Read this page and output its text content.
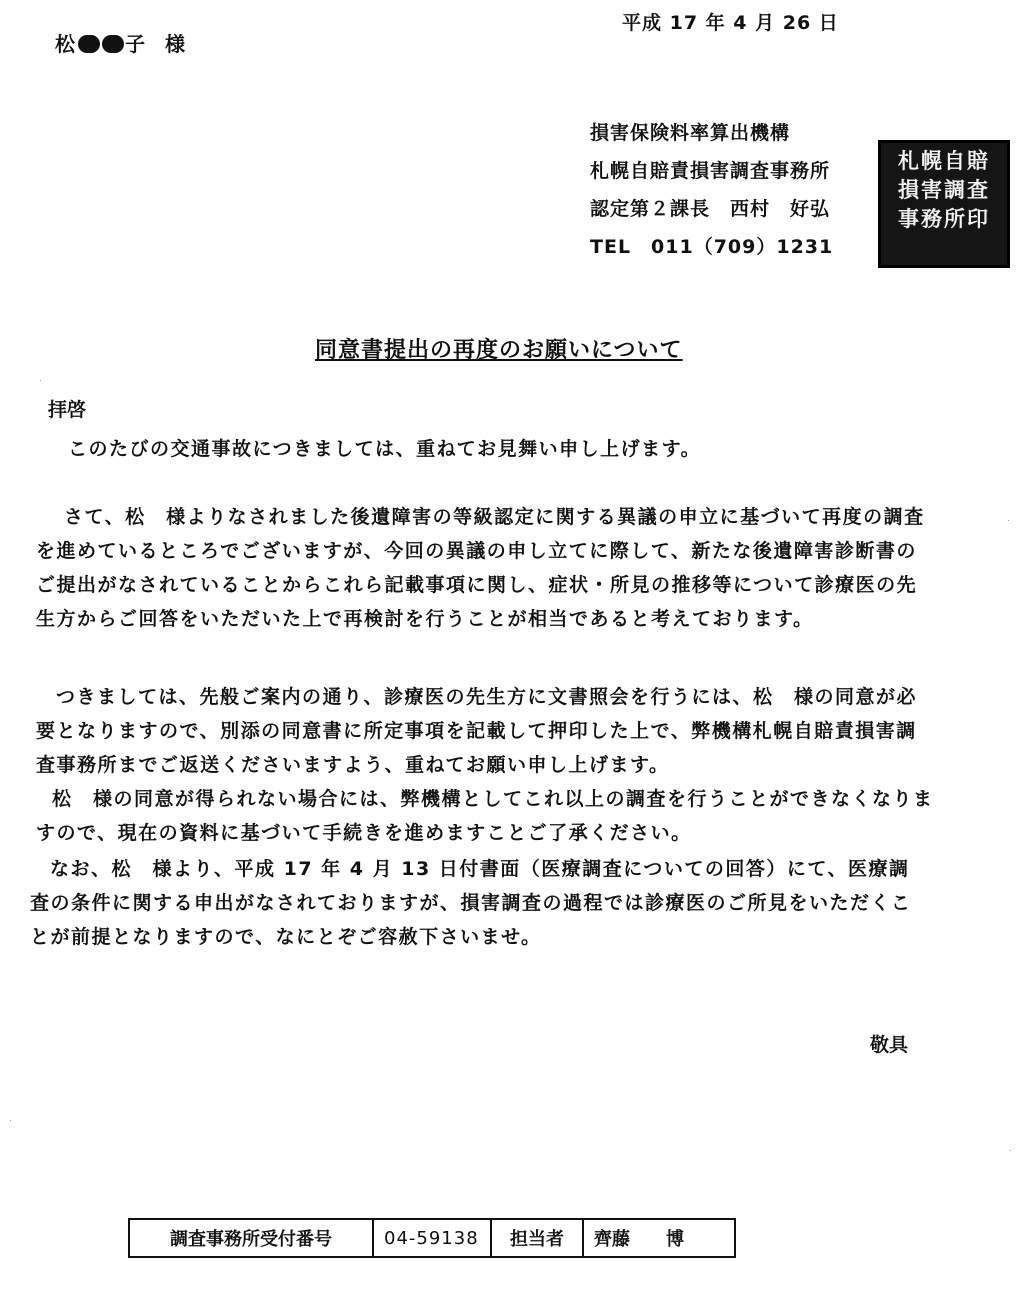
松 子 様
平成 17 年 4 月 26 日
損害保険料率算出機構
札幌自賠責損害調査事務所
認定第２課長　西村　好弘
TEL　011（709）1231
札幌自賠
損害調査
事務所印
同意書提出の再度のお願いについて
拝啓
このたびの交通事故につきましては、重ねてお見舞い申し上げます。
さて、松　様よりなされました後遺障害の等級認定に関する異議の申立に基づいて再度の調査を進めているところでございますが、今回の異議の申し立てに際して、新たな後遺障害診断書のご提出がなされていることからこれら記載事項に関し、症状・所見の推移等について診療医の先生方からご回答をいただいた上で再検討を行うことが相当であると考えております。
つきましては、先般ご案内の通り、診療医の先生方に文書照会を行うには、松　様の同意が必要となりますので、別添の同意書に所定事項を記載して押印した上で、弊機構札幌自賠責損害調査事務所までご返送くださいますよう、重ねてお願い申し上げます。
松　様の同意が得られない場合には、弊機構としてこれ以上の調査を行うことができなくなりますので、現在の資料に基づいて手続きを進めますことご了承ください。
なお、松　様より、平成 17 年 4 月 13 日付書面（医療調査についての回答）にて、医療調査の条件に関する申出がなされておりますが、損害調査の過程では診療医のご所見をいただくことが前提となりますので、なにとぞご容赦下さいませ。
敬具
調査事務所受付番号	04-59138	担当者	齊藤　　博
